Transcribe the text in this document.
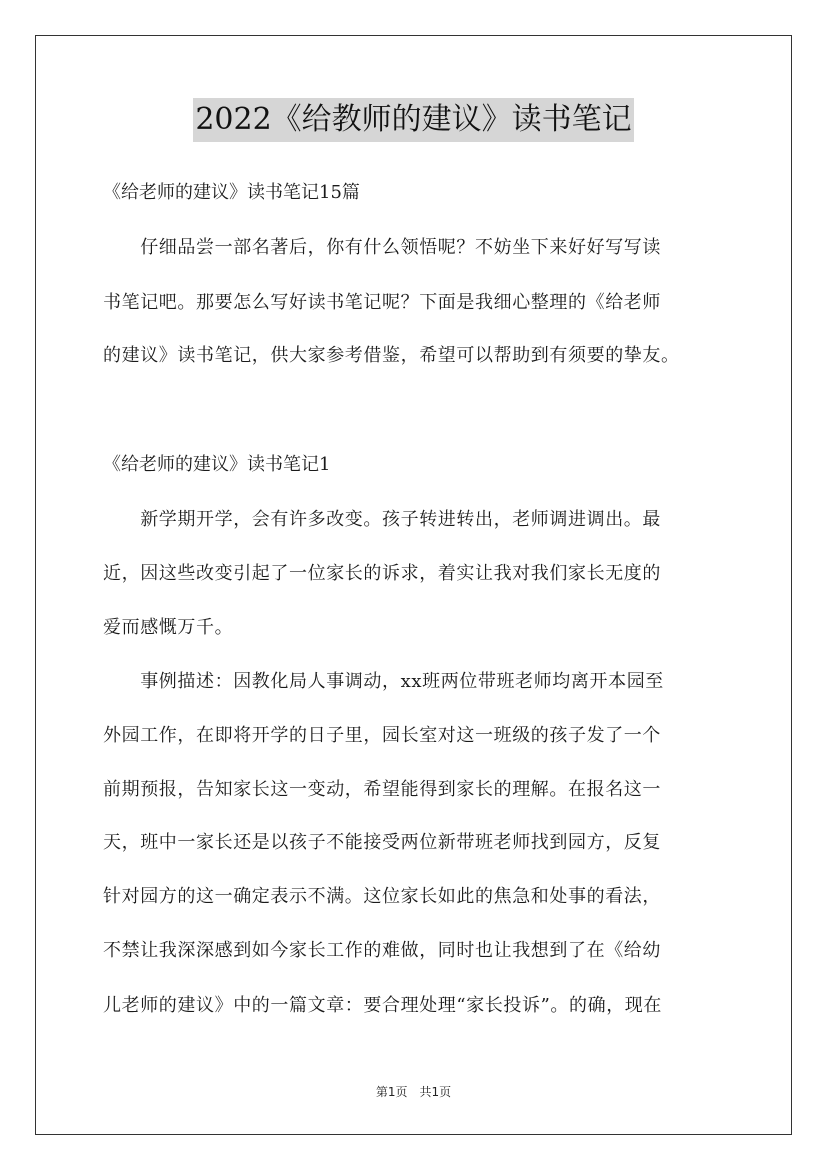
2022《给教师的建议》读书笔记
《给老师的建议》读书笔记15篇
　　仔细品尝一部名著后，你有什么领悟呢？不妨坐下来好好写写读
书笔记吧。那要怎么写好读书笔记呢？下面是我细心整理的《给老师
的建议》读书笔记，供大家参考借鉴，希望可以帮助到有须要的挚友。
《给老师的建议》读书笔记1
　　新学期开学，会有许多改变。孩子转进转出，老师调进调出。最
近，因这些改变引起了一位家长的诉求，着实让我对我们家长无度的
爱而感慨万千。
　　事例描述：因教化局人事调动，xx班两位带班老师均离开本园至
外园工作，在即将开学的日子里，园长室对这一班级的孩子发了一个
前期预报，告知家长这一变动，希望能得到家长的理解。在报名这一
天，班中一家长还是以孩子不能接受两位新带班老师找到园方，反复
针对园方的这一确定表示不满。这位家长如此的焦急和处事的看法，
不禁让我深深感到如今家长工作的难做，同时也让我想到了在《给幼
儿老师的建议》中的一篇文章：要合理处理“家长投诉”。的确，现在
第1页　共1页
